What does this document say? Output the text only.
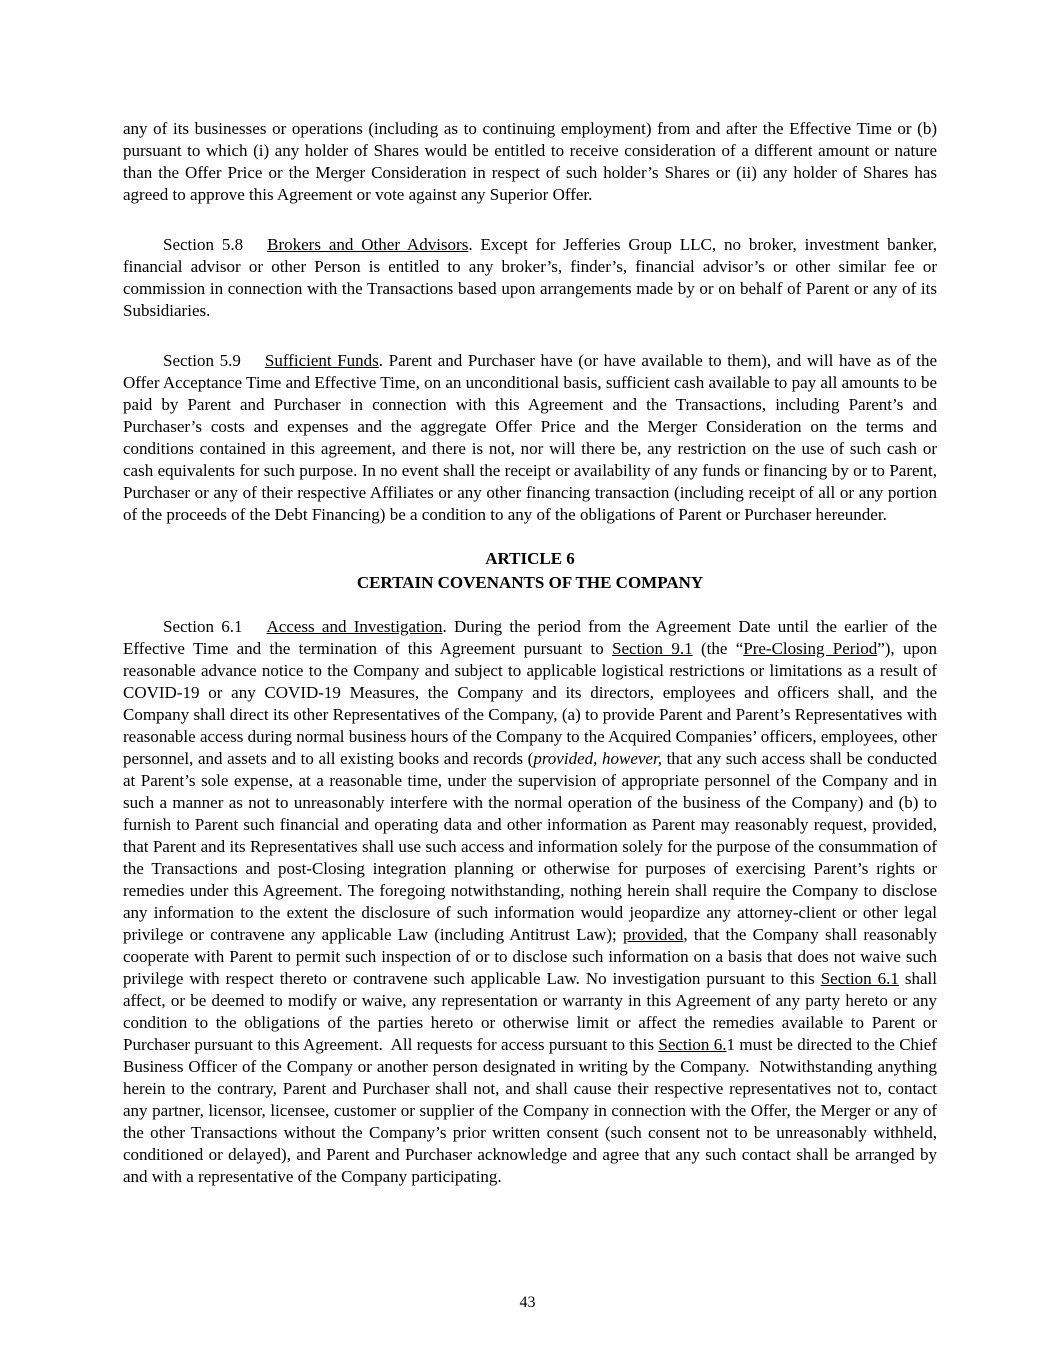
any of its businesses or operations (including as to continuing employment) from and after the Effective Time or (b) pursuant to which (i) any holder of Shares would be entitled to receive consideration of a different amount or nature than the Offer Price or the Merger Consideration in respect of such holder’s Shares or (ii) any holder of Shares has agreed to approve this Agreement or vote against any Superior Offer.

Section 5.8 Brokers and Other Advisors. Except for Jefferies Group LLC, no broker, investment banker, financial advisor or other Person is entitled to any broker’s, finder’s, financial advisor’s or other similar fee or commission in connection with the Transactions based upon arrangements made by or on behalf of Parent or any of its Subsidiaries.

Section 5.9 Sufficient Funds. Parent and Purchaser have (or have available to them), and will have as of the Offer Acceptance Time and Effective Time, on an unconditional basis, sufficient cash available to pay all amounts to be paid by Parent and Purchaser in connection with this Agreement and the Transactions, including Parent’s and Purchaser’s costs and expenses and the aggregate Offer Price and the Merger Consideration on the terms and conditions contained in this agreement, and there is not, nor will there be, any restriction on the use of such cash or cash equivalents for such purpose. In no event shall the receipt or availability of any funds or financing by or to Parent, Purchaser or any of their respective Affiliates or any other financing transaction (including receipt of all or any portion of the proceeds of the Debt Financing) be a condition to any of the obligations of Parent or Purchaser hereunder.

ARTICLE 6
CERTAIN COVENANTS OF THE COMPANY

Section 6.1 Access and Investigation. During the period from the Agreement Date until the earlier of the Effective Time and the termination of this Agreement pursuant to Section 9.1 (the “Pre-Closing Period”), upon reasonable advance notice to the Company and subject to applicable logistical restrictions or limitations as a result of COVID-19 or any COVID-19 Measures, the Company and its directors, employees and officers shall, and the Company shall direct its other Representatives of the Company, (a) to provide Parent and Parent’s Representatives with reasonable access during normal business hours of the Company to the Acquired Companies’ officers, employees, other personnel, and assets and to all existing books and records (provided, however, that any such access shall be conducted at Parent’s sole expense, at a reasonable time, under the supervision of appropriate personnel of the Company and in such a manner as not to unreasonably interfere with the normal operation of the business of the Company) and (b) to furnish to Parent such financial and operating data and other information as Parent may reasonably request, provided, that Parent and its Representatives shall use such access and information solely for the purpose of the consummation of the Transactions and post-Closing integration planning or otherwise for purposes of exercising Parent’s rights or remedies under this Agreement. The foregoing notwithstanding, nothing herein shall require the Company to disclose any information to the extent the disclosure of such information would jeopardize any attorney-client or other legal privilege or contravene any applicable Law (including Antitrust Law); provided, that the Company shall reasonably cooperate with Parent to permit such inspection of or to disclose such information on a basis that does not waive such privilege with respect thereto or contravene such applicable Law. No investigation pursuant to this Section 6.1 shall affect, or be deemed to modify or waive, any representation or warranty in this Agreement of any party hereto or any condition to the obligations of the parties hereto or otherwise limit or affect the remedies available to Parent or Purchaser pursuant to this Agreement.  All requests for access pursuant to this Section 6.1 must be directed to the Chief Business Officer of the Company or another person designated in writing by the Company.  Notwithstanding anything herein to the contrary, Parent and Purchaser shall not, and shall cause their respective representatives not to, contact any partner, licensor, licensee, customer or supplier of the Company in connection with the Offer, the Merger or any of the other Transactions without the Company’s prior written consent (such consent not to be unreasonably withheld, conditioned or delayed), and Parent and Purchaser acknowledge and agree that any such contact shall be arranged by and with a representative of the Company participating.

43
